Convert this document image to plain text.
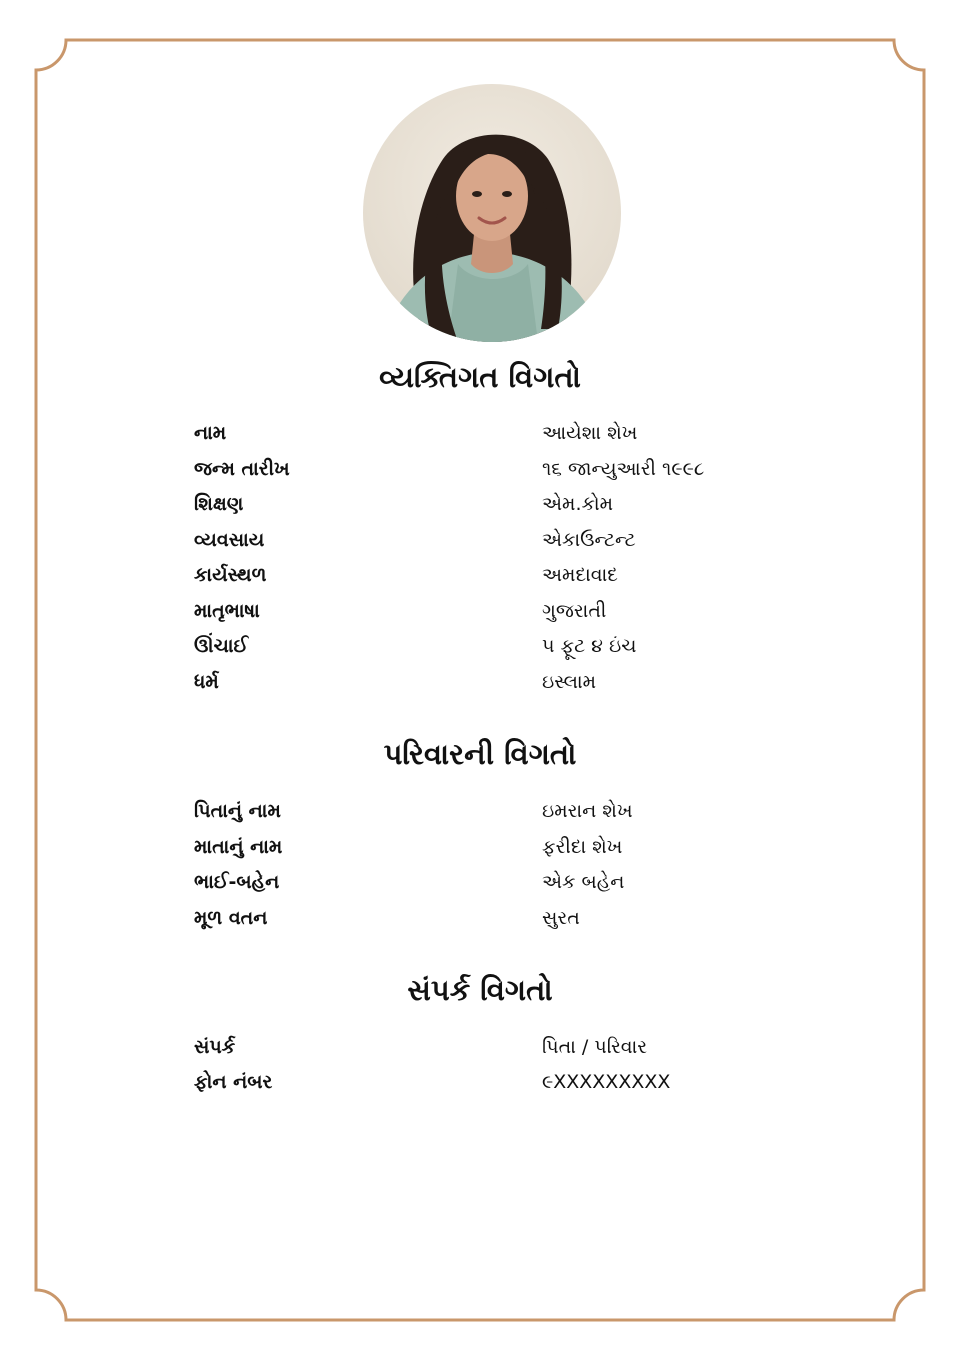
વ્યક્તિગત વિગતો
નામ	આયેશા શેખ
જન્મ તારીખ	૧૬ જાન્યુઆરી ૧૯૯૮
શિક્ષણ	એમ.કોમ
વ્યવસાય	એકાઉન્ટન્ટ
કાર્યસ્થળ	અમદાવાદ
માતૃભાષા	ગુજરાતી
ઊંચાઈ	૫ ફૂટ ૪ ઇંચ
ધર્મ	ઇસ્લામ
પરિવારની વિગતો
પિતાનું નામ	ઇમરાન શેખ
માતાનું નામ	ફરીદા શેખ
ભાઈ-બહેન	એક બહેન
મૂળ વતન	સુરત
સંપર્ક વિગતો
સંપર્ક	પિતા / પરિવાર
ફોન નંબર	૯XXXXXXXXX
